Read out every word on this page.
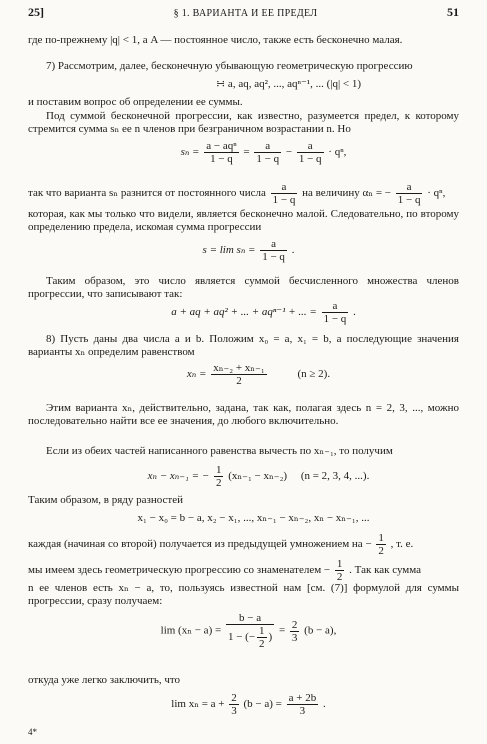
25]	§ 1. ВАРИАНТА И ЕЕ ПРЕДЕЛ	51
где по-прежнему |q| < 1, а A — постоянное число, также есть бесконечно малая.
7) Рассмотрим, далее, бесконечную убывающую геометрическую прогрессию
∺ a, aq, aq², ..., aqⁿ⁻¹, ... (|q| < 1)
и поставим вопрос об определении ее суммы.
Под суммой бесконечной прогрессии, как известно, разумеется предел, к которому стремится сумма sₙ ее n членов при безграничном возрастании n. Но
$s_n = \frac{\text{a − aqⁿ}}{1 - q} = \frac{a}{1 - q} - \frac{a}{1 - q} \cdot q^n$,
так что варианта sₙ разнится от постоянного числа $\frac{a}{1 - q}$ на величину αₙ = − $\frac{a}{1 - q} \cdot q^n$,
которая, как мы только что видели, является бесконечно малой. Следовательно, по второму определению предела, искомая сумма прогрессии
$s = \lim s_n = \frac{a}{1 - q}$ .
Таким образом, это число является суммой бесчисленного множества членов прогрессии, что записывают так:
a + aq + aq² + ... + aqⁿ⁻¹ + ... = $\frac{a}{1 - q}$ .
8) Пусть даны два числа a и b. Положим x₀ = a, x₁ = b, а последующие значения варианты xₙ определим равенством
$x_n = \frac{\text{xₙ₋₂ + xₙ₋₁}}{2}$	(n ≥ 2).
Этим варианта xₙ, действительно, задана, так как, полагая здесь n = 2, 3, ..., можно последовательно найти все ее значения, до любого включительно.
Если из обеих частей написанного равенства вычесть по xₙ₋₁, то получим
xₙ − xₙ₋₁ = − $\frac{1}{2} (x_{n-1} - x_{n-2})$     (n = 2, 3, 4, ...).
Таким образом, в ряду разностей
x₁ − x₀ = b − a, x₂ − x₁, ..., xₙ₋₁ − xₙ₋₂, xₙ − xₙ₋₁, ...
каждая (начиная со второй) получается из предыдущей умножением на − $\frac{1}{2}$ , т. е.
мы имеем здесь геометрическую прогрессию со знаменателем − $\frac{1}{2}$ . Так как сумма
n ее членов есть xₙ − a, то, пользуясь известной нам [см. (7)] формулой для суммы прогрессии, сразу получаем:
$\lim (x_n - a) = \frac{b - a}{1 - (- \frac{1}{2} )} = \frac{2}{3} (b - a)$,
откуда уже легко заключить, что
$\lim x_n = a + \frac{2}{3} (b - a) = \frac{a + 2b}{3}$ .
4*
